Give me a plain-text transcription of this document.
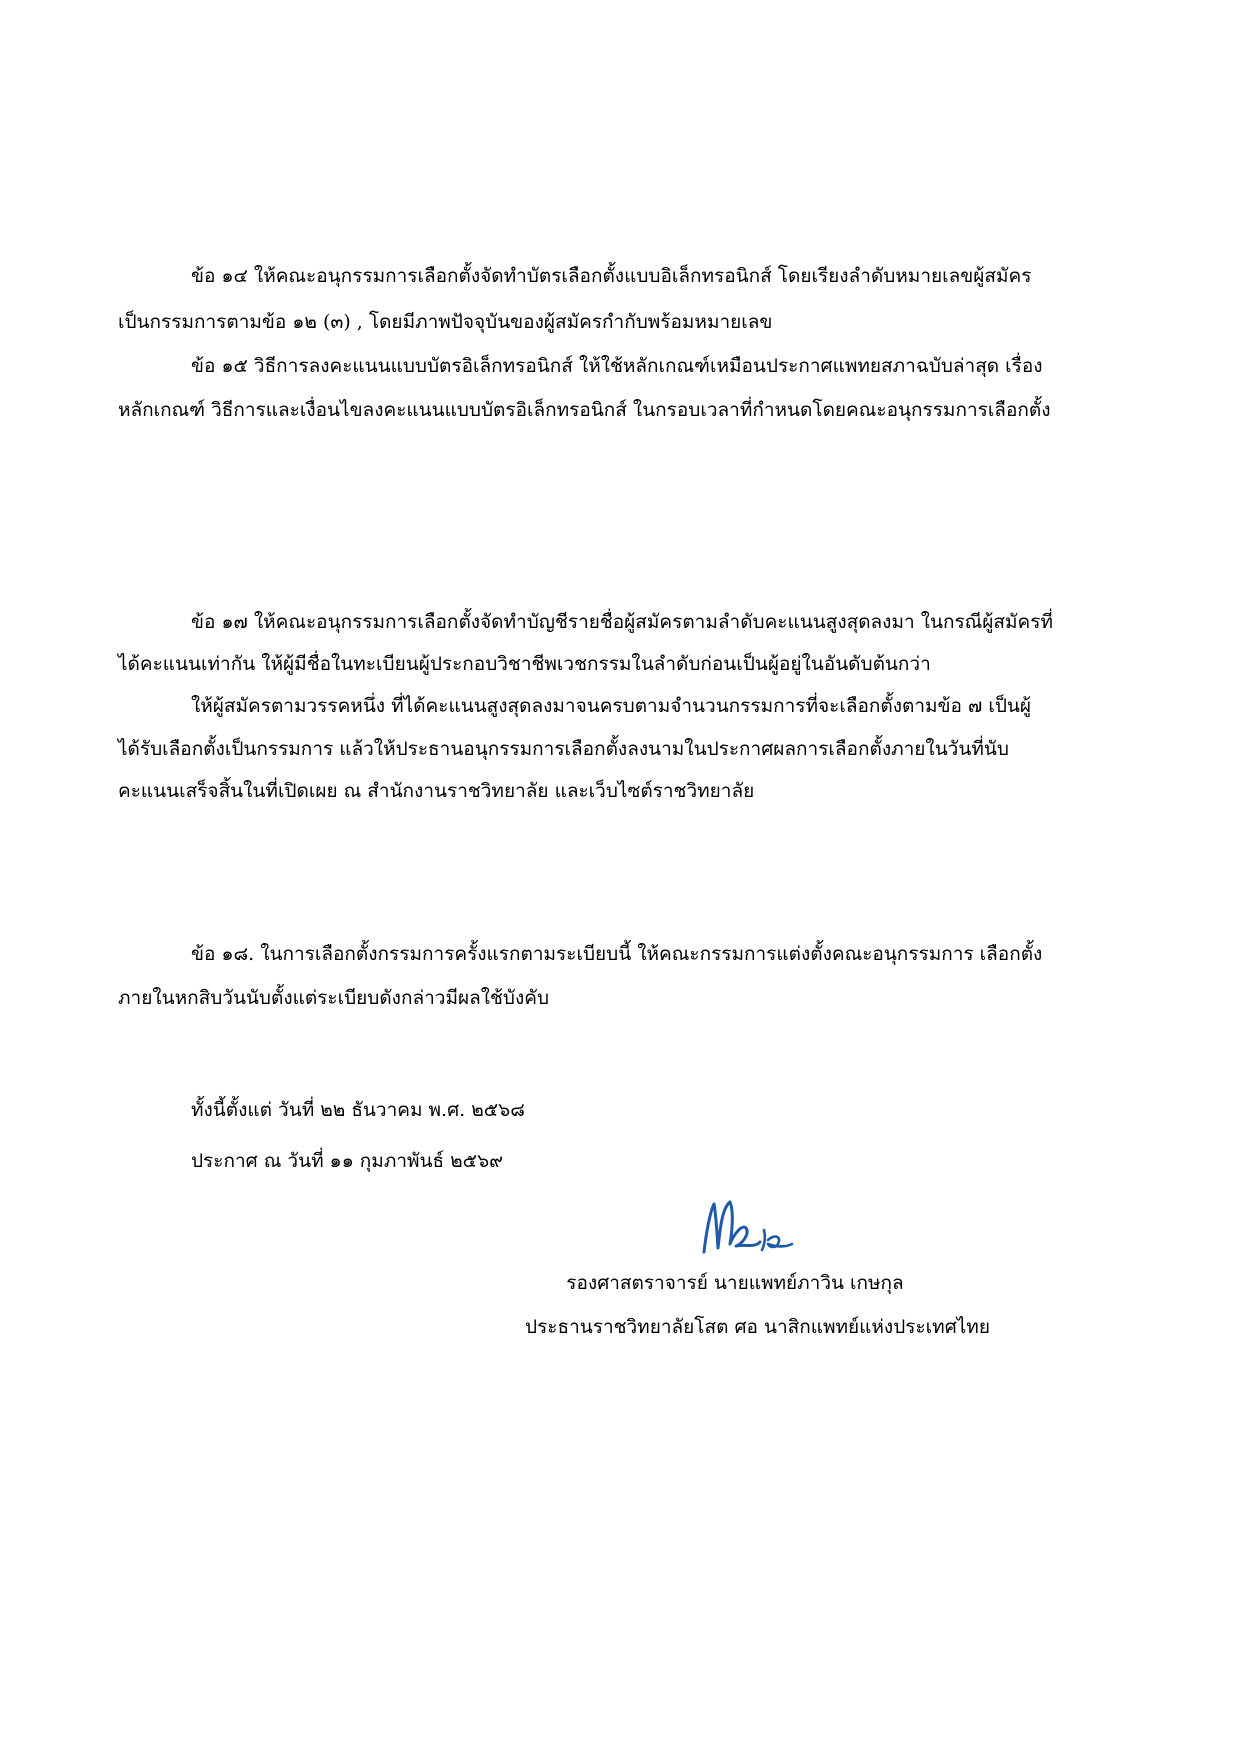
ข้อ ๑๔ ให้คณะอนุกรรมการเลือกตั้งจัดทำบัตรเลือกตั้งแบบอิเล็กทรอนิกส์ โดยเรียงลำดับหมายเลขผู้สมัคร
เป็นกรรมการตามข้อ ๑๒ (๓) , โดยมีภาพปัจจุบันของผู้สมัครกำกับพร้อมหมายเลข
ข้อ ๑๕ วิธีการลงคะแนนแบบบัตรอิเล็กทรอนิกส์ ให้ใช้หลักเกณฑ์เหมือนประกาศแพทยสภาฉบับล่าสุด เรื่อง
หลักเกณฑ์ วิธีการและเงื่อนไขลงคะแนนแบบบัตรอิเล็กทรอนิกส์ ในกรอบเวลาที่กำหนดโดยคณะอนุกรรมการเลือกตั้ง
ข้อ ๑๗ ให้คณะอนุกรรมการเลือกตั้งจัดทำบัญชีรายชื่อผู้สมัครตามลำดับคะแนนสูงสุดลงมา ในกรณีผู้สมัครที่
ได้คะแนนเท่ากัน ให้ผู้มีชื่อในทะเบียนผู้ประกอบวิชาชีพเวชกรรมในลำดับก่อนเป็นผู้อยู่ในอันดับต้นกว่า
ให้ผู้สมัครตามวรรคหนึ่ง ที่ได้คะแนนสูงสุดลงมาจนครบตามจำนวนกรรมการที่จะเลือกตั้งตามข้อ ๗ เป็นผู้
ได้รับเลือกตั้งเป็นกรรมการ แล้วให้ประธานอนุกรรมการเลือกตั้งลงนามในประกาศผลการเลือกตั้งภายในวันที่นับ
คะแนนเสร็จสิ้นในที่เปิดเผย ณ สำนักงานราชวิทยาลัย และเว็บไซต์ราชวิทยาลัย
ข้อ ๑๘. ในการเลือกตั้งกรรมการครั้งแรกตามระเบียบนี้ ให้คณะกรรมการแต่งตั้งคณะอนุกรรมการ เลือกตั้ง
ภายในหกสิบวันนับตั้งแต่ระเบียบดังกล่าวมีผลใช้บังคับ
ทั้งนี้ตั้งแต่ วันที่ ๒๒ ธันวาคม พ.ศ. ๒๕๖๘
ประกาศ ณ วันที่ ๑๑ กุมภาพันธ์ ๒๕๖๙
รองศาสตราจารย์ นายแพทย์ภาวิน เกษกุล
ประธานราชวิทยาลัยโสต ศอ นาสิกแพทย์แห่งประเทศไทย
